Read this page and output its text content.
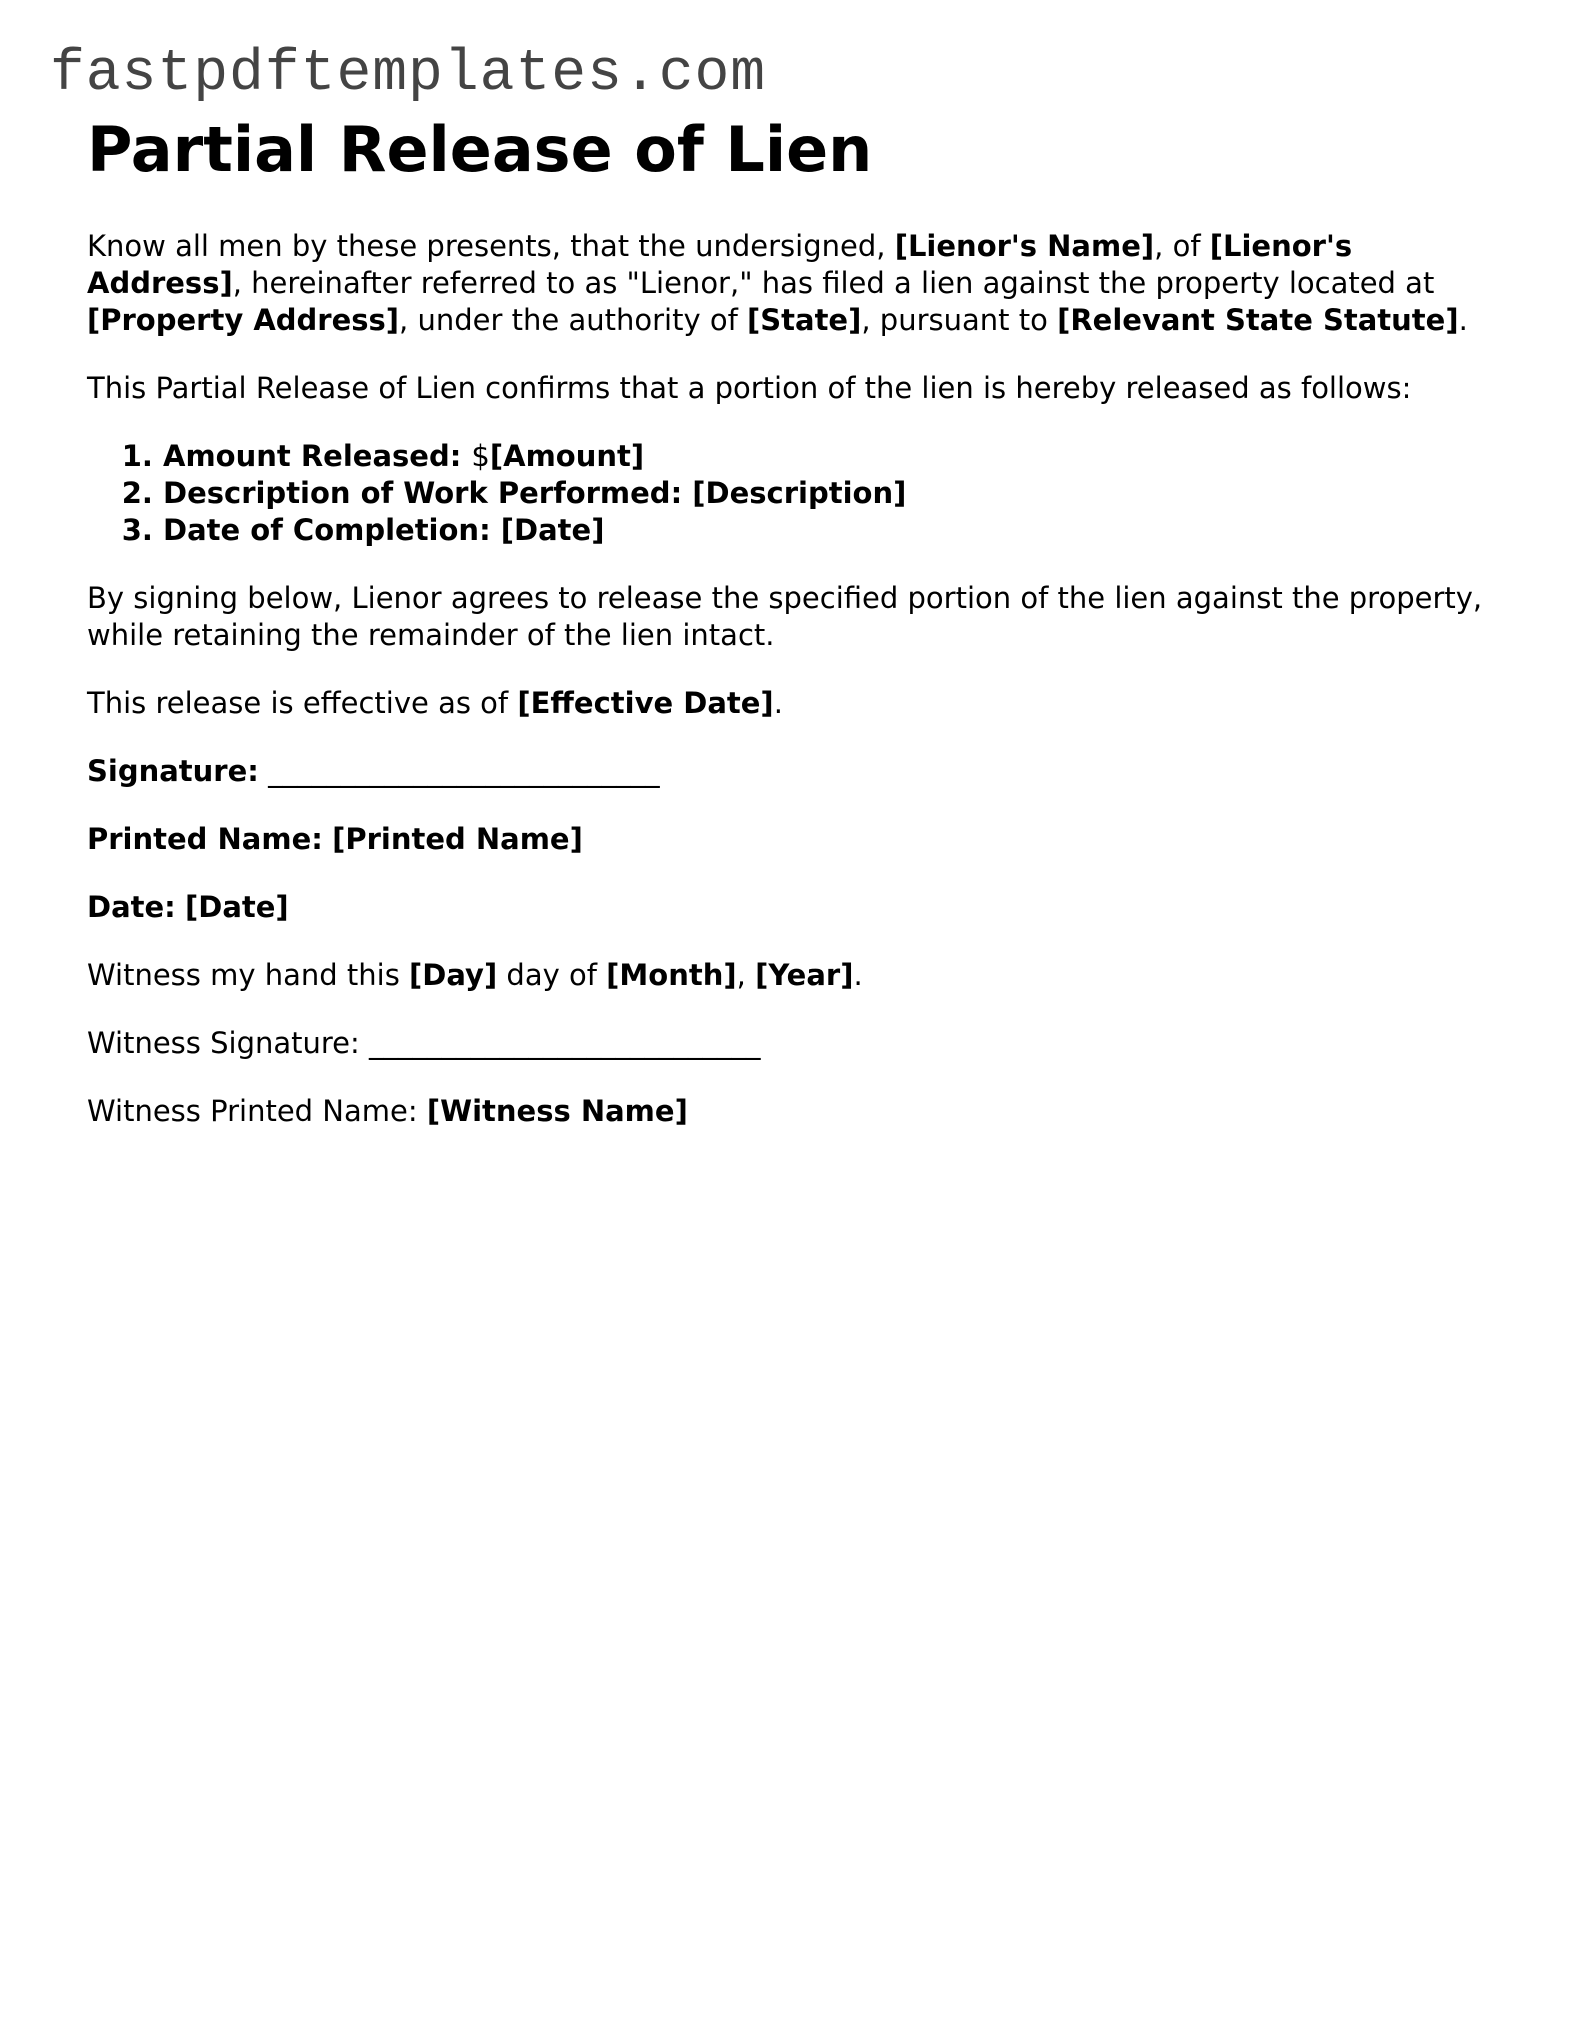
fastpdftemplates.com
Partial Release of Lien

Know all men by these presents, that the undersigned, [Lienor's Name], of [Lienor's Address], hereinafter referred to as "Lienor," has filed a lien against the property located at [Property Address], under the authority of [State], pursuant to [Relevant State Statute].

This Partial Release of Lien confirms that a portion of the lien is hereby released as follows:

1. Amount Released: $[Amount]
2. Description of Work Performed: [Description]
3. Date of Completion: [Date]

By signing below, Lienor agrees to release the specified portion of the lien against the property, while retaining the remainder of the lien intact.

This release is effective as of [Effective Date].

Signature: ___________________________

Printed Name: [Printed Name]

Date: [Date]

Witness my hand this [Day] day of [Month], [Year].

Witness Signature: ___________________________

Witness Printed Name: [Witness Name]
